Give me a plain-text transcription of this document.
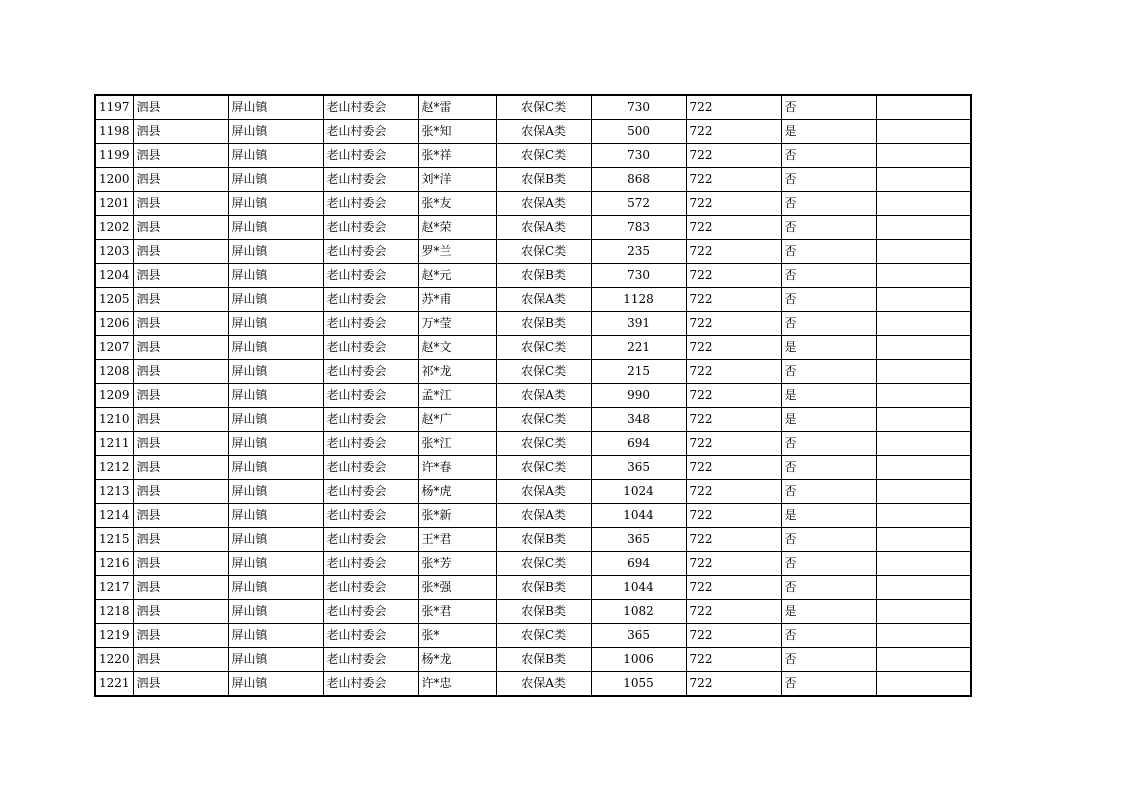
1197	泗县	屏山镇	老山村委会	赵*雷	农保C类	730	722	否	
1198	泗县	屏山镇	老山村委会	张*知	农保A类	500	722	是	
1199	泗县	屏山镇	老山村委会	张*祥	农保C类	730	722	否	
1200	泗县	屏山镇	老山村委会	刘*洋	农保B类	868	722	否	
1201	泗县	屏山镇	老山村委会	张*友	农保A类	572	722	否	
1202	泗县	屏山镇	老山村委会	赵*荣	农保A类	783	722	否	
1203	泗县	屏山镇	老山村委会	罗*兰	农保C类	235	722	否	
1204	泗县	屏山镇	老山村委会	赵*元	农保B类	730	722	否	
1205	泗县	屏山镇	老山村委会	苏*甫	农保A类	1128	722	否	
1206	泗县	屏山镇	老山村委会	万*莹	农保B类	391	722	否	
1207	泗县	屏山镇	老山村委会	赵*文	农保C类	221	722	是	
1208	泗县	屏山镇	老山村委会	祁*龙	农保C类	215	722	否	
1209	泗县	屏山镇	老山村委会	孟*江	农保A类	990	722	是	
1210	泗县	屏山镇	老山村委会	赵*广	农保C类	348	722	是	
1211	泗县	屏山镇	老山村委会	张*江	农保C类	694	722	否	
1212	泗县	屏山镇	老山村委会	许*春	农保C类	365	722	否	
1213	泗县	屏山镇	老山村委会	杨*虎	农保A类	1024	722	否	
1214	泗县	屏山镇	老山村委会	张*新	农保A类	1044	722	是	
1215	泗县	屏山镇	老山村委会	王*君	农保B类	365	722	否	
1216	泗县	屏山镇	老山村委会	张*芳	农保C类	694	722	否	
1217	泗县	屏山镇	老山村委会	张*强	农保B类	1044	722	否	
1218	泗县	屏山镇	老山村委会	张*君	农保B类	1082	722	是	
1219	泗县	屏山镇	老山村委会	张*	农保C类	365	722	否	
1220	泗县	屏山镇	老山村委会	杨*龙	农保B类	1006	722	否	
1221	泗县	屏山镇	老山村委会	许*忠	农保A类	1055	722	否	
